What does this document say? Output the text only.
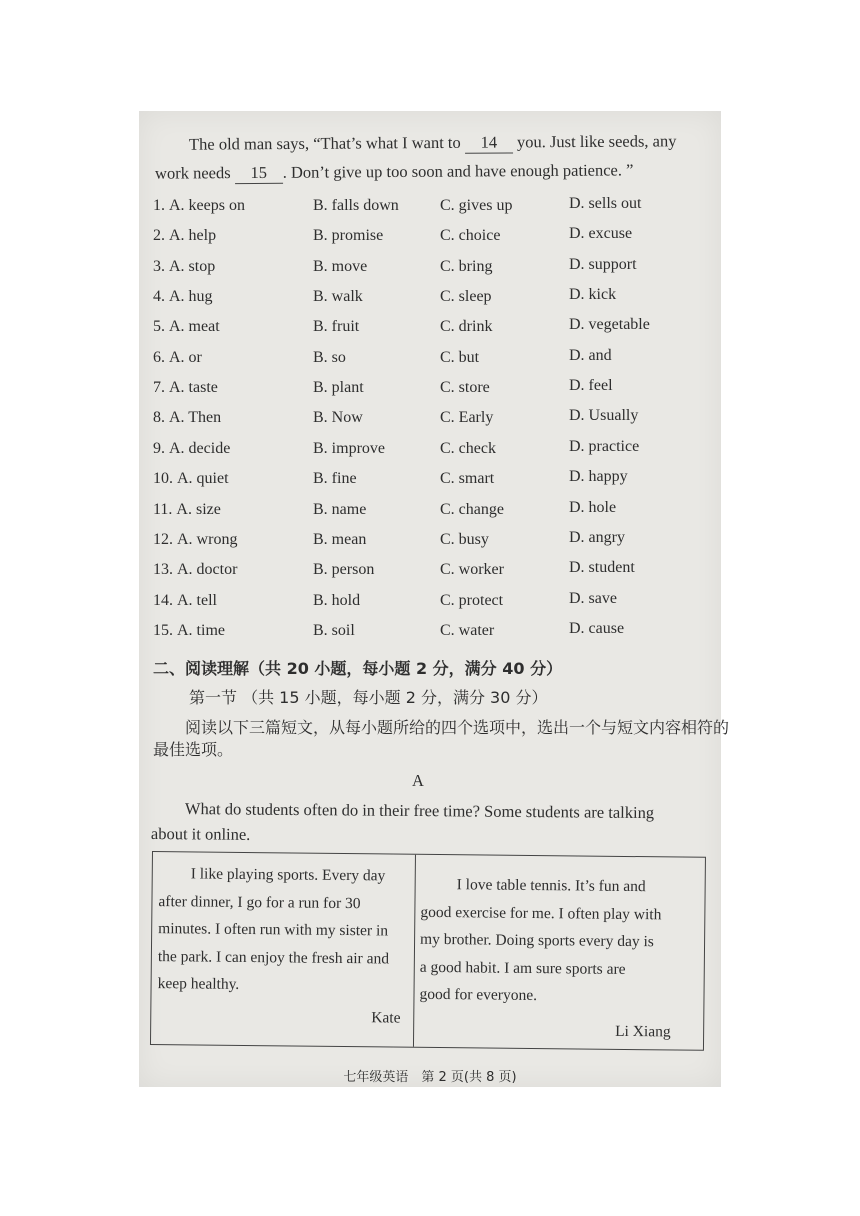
The old man says, “That’s what I want to 14 you. Just like seeds, any
work needs 15 . Don’t give up too soon and have enough patience. ”
1. A. keeps on	B. falls down	C. gives up	D. sells out
2. A. help	B. promise	C. choice	D. excuse
3. A. stop	B. move	C. bring	D. support
4. A. hug	B. walk	C. sleep	D. kick
5. A. meat	B. fruit	C. drink	D. vegetable
6. A. or	B. so	C. but	D. and
7. A. taste	B. plant	C. store	D. feel
8. A. Then	B. Now	C. Early	D. Usually
9. A. decide	B. improve	C. check	D. practice
10. A. quiet	B. fine	C. smart	D. happy
11. A. size	B. name	C. change	D. hole
12. A. wrong	B. mean	C. busy	D. angry
13. A. doctor	B. person	C. worker	D. student
14. A. tell	B. hold	C. protect	D. save
15. A. time	B. soil	C. water	D. cause
二、阅读理解（共 20 小题，每小题 2 分，满分 40 分）
第一节 （共 15 小题，每小题 2 分，满分 30 分）
阅读以下三篇短文，从每小题所给的四个选项中，选出一个与短文内容相符的
最佳选项。
A
What do students often do in their free time? Some students are talking
about it online.
I like playing sports. Every day
after dinner, I go for a run for 30
minutes. I often run with my sister in
the park. I can enjoy the fresh air and
keep healthy.
Kate
I love table tennis. It’s fun and
good exercise for me. I often play with
my brother. Doing sports every day is
a good habit. I am sure sports are
good for everyone.
Li Xiang
七年级英语　第 2 页(共 8 页)
